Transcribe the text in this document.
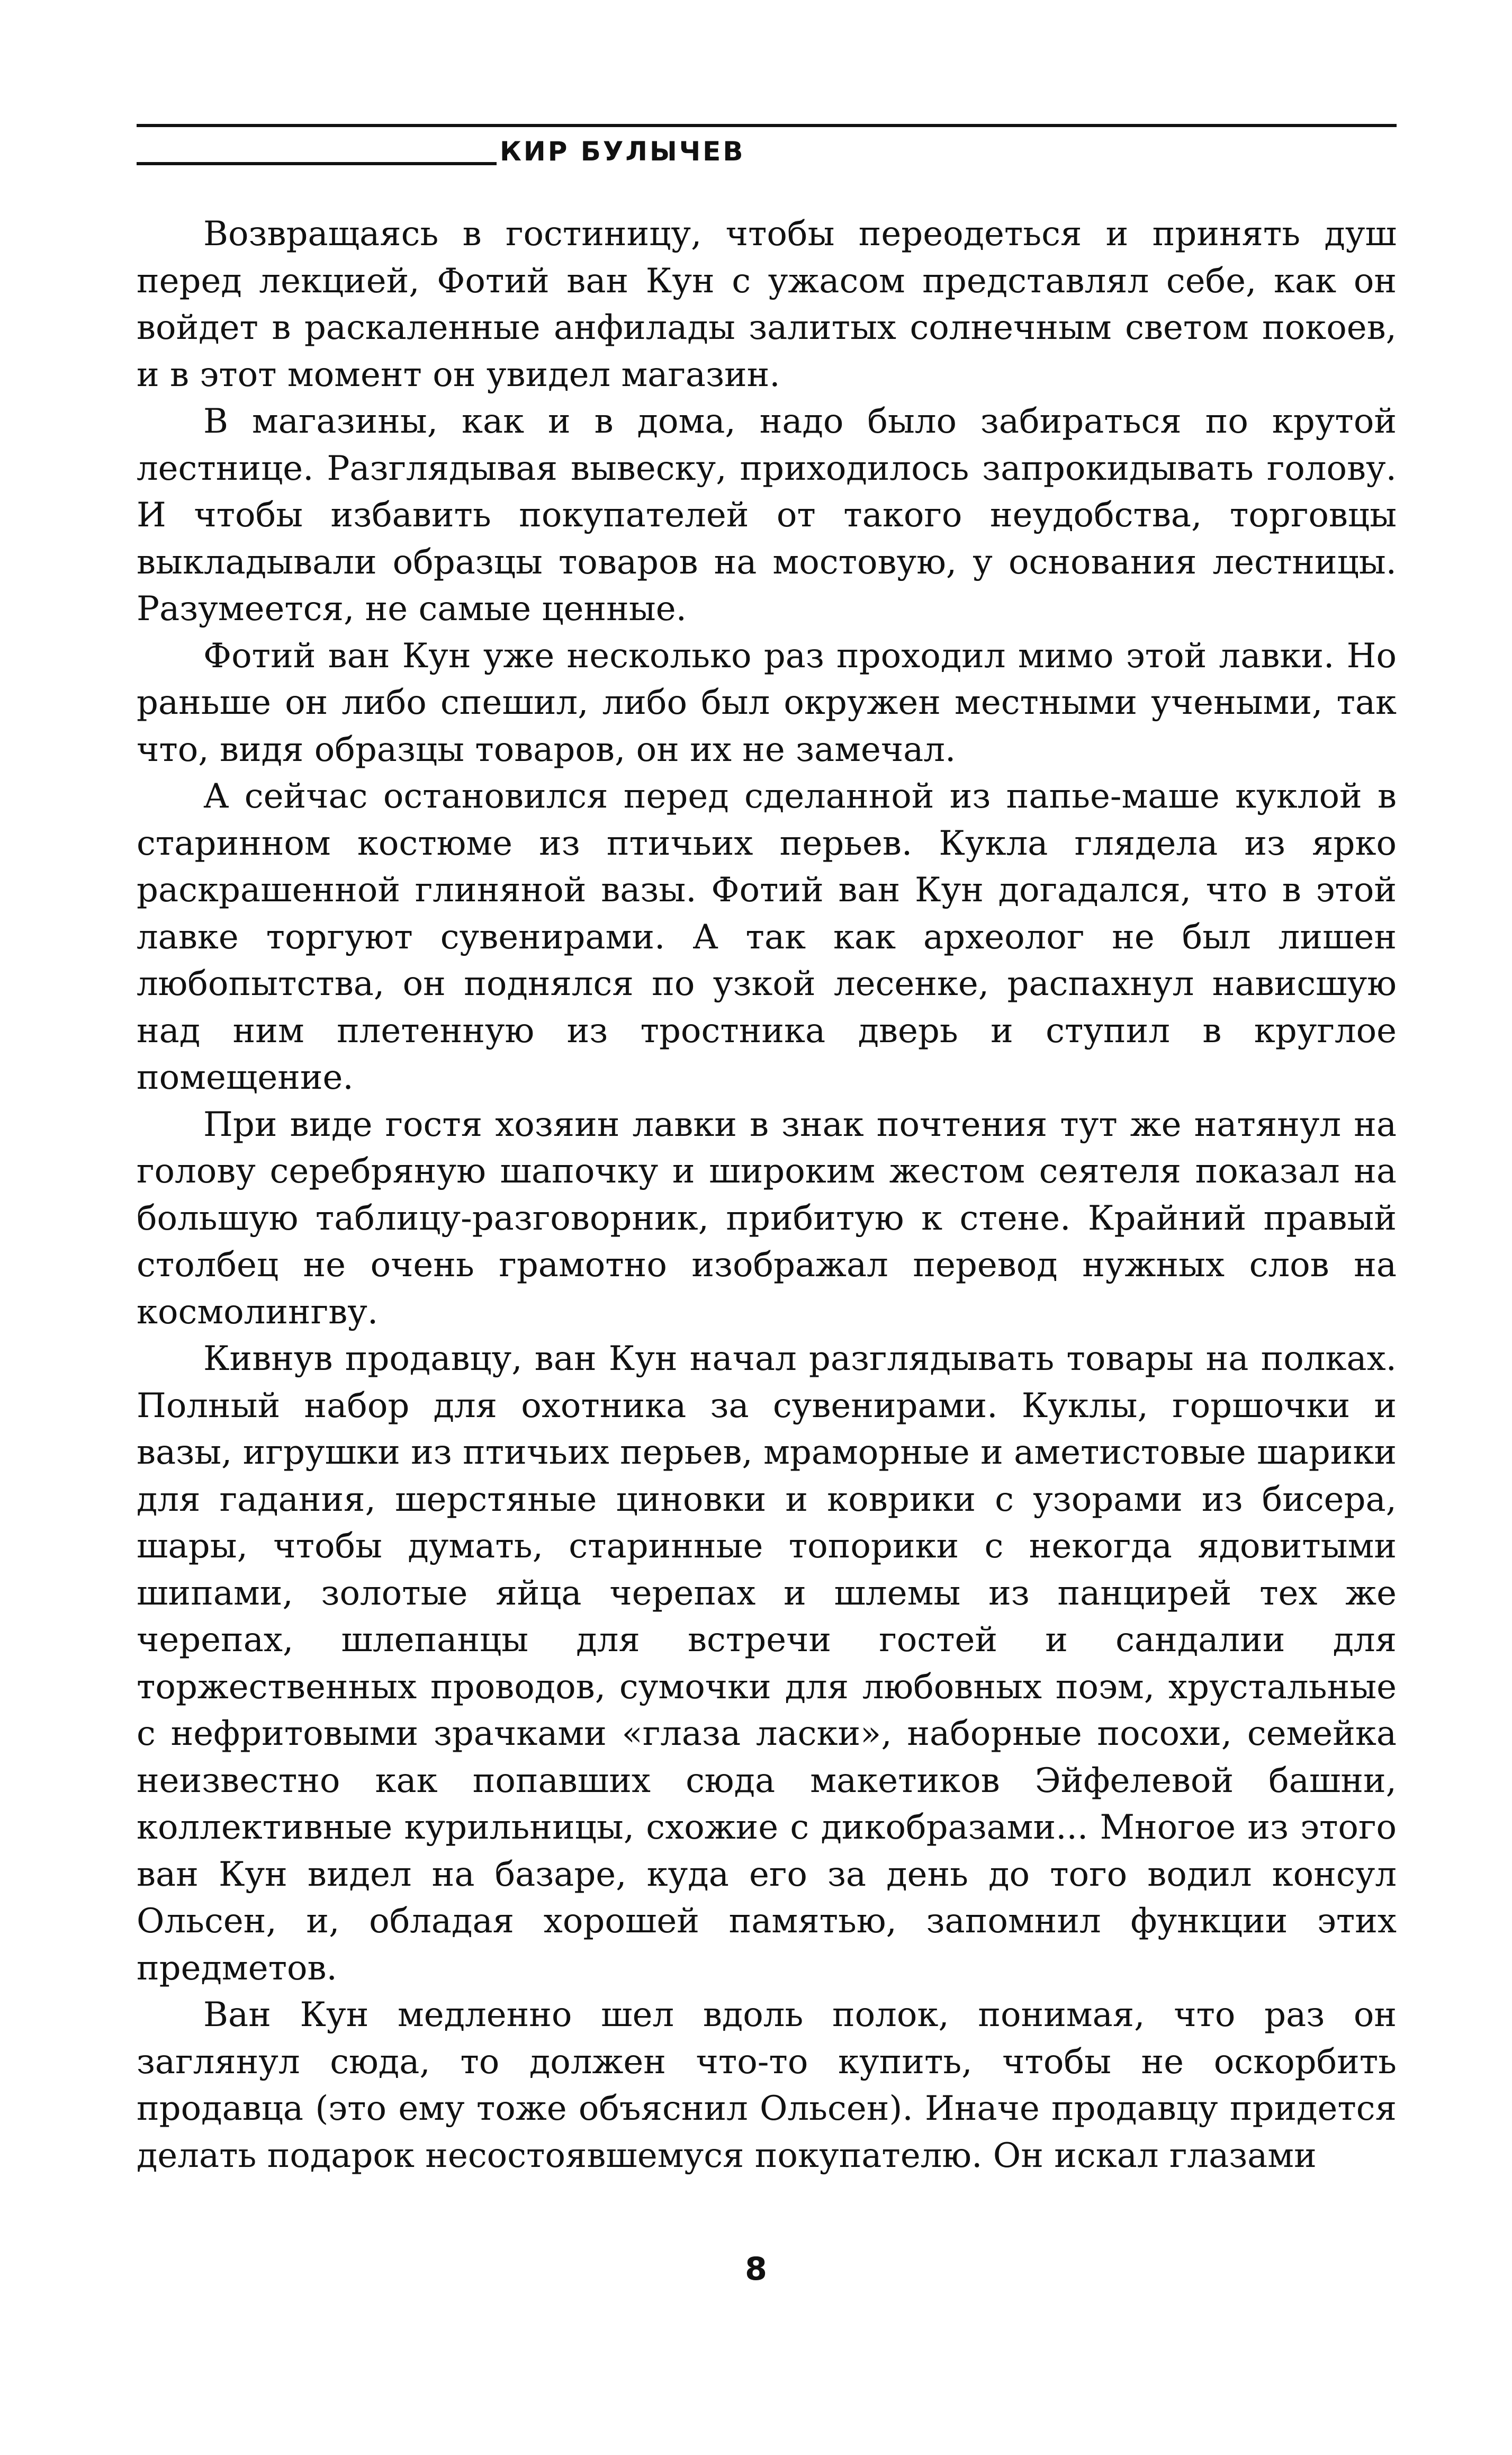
КИР БУЛЫЧЕВ

Возвращаясь в гостиницу, чтобы переодеться и принять душ перед лекцией, Фотий ван Кун с ужасом представлял себе, как он войдет в раскаленные анфилады залитых солнечным светом покоев, и в этот момент он увидел магазин.

В магазины, как и в дома, надо было забираться по крутой лестнице. Разглядывая вывеску, приходилось запрокидывать голову. И чтобы избавить покупателей от такого неудобства, торговцы выкладывали образцы товаров на мостовую, у основания лестницы. Разумеется, не самые ценные.

Фотий ван Кун уже несколько раз проходил мимо этой лавки. Но раньше он либо спешил, либо был окружен местными учеными, так что, видя образцы товаров, он их не замечал.

А сейчас остановился перед сделанной из папье-маше куклой в старинном костюме из птичьих перьев. Кукла глядела из ярко раскрашенной глиняной вазы. Фотий ван Кун догадался, что в этой лавке торгуют сувенирами. А так как археолог не был лишен любопытства, он поднялся по узкой лесенке, распахнул нависшую над ним плетенную из тростника дверь и ступил в круглое помещение.

При виде гостя хозяин лавки в знак почтения тут же натянул на голову серебряную шапочку и широким жестом сеятеля показал на большую таблицу-разговорник, прибитую к стене. Крайний правый столбец не очень грамотно изображал перевод нужных слов на космолингву.

Кивнув продавцу, ван Кун начал разглядывать товары на полках. Полный набор для охотника за сувенирами. Куклы, горшочки и вазы, игрушки из птичьих перьев, мраморные и аметистовые шарики для гадания, шерстяные циновки и коврики с узорами из бисера, шары, чтобы думать, старинные топорики с некогда ядовитыми шипами, золотые яйца черепах и шлемы из панцирей тех же черепах, шлепанцы для встречи гостей и сандалии для торжественных проводов, сумочки для любовных поэм, хрустальные с нефритовыми зрачками «глаза ласки», наборные посохи, семейка неизвестно как попавших сюда макетиков Эйфелевой башни, коллективные курильницы, схожие с дикобразами... Многое из этого ван Кун видел на базаре, куда его за день до того водил консул Ольсен, и, обладая хорошей памятью, запомнил функции этих предметов.

Ван Кун медленно шел вдоль полок, понимая, что раз он заглянул сюда, то должен что-то купить, чтобы не оскорбить продавца (это ему тоже объяснил Ольсен). Иначе продавцу придется делать подарок несостоявшемуся покупателю. Он искал глазами

8
